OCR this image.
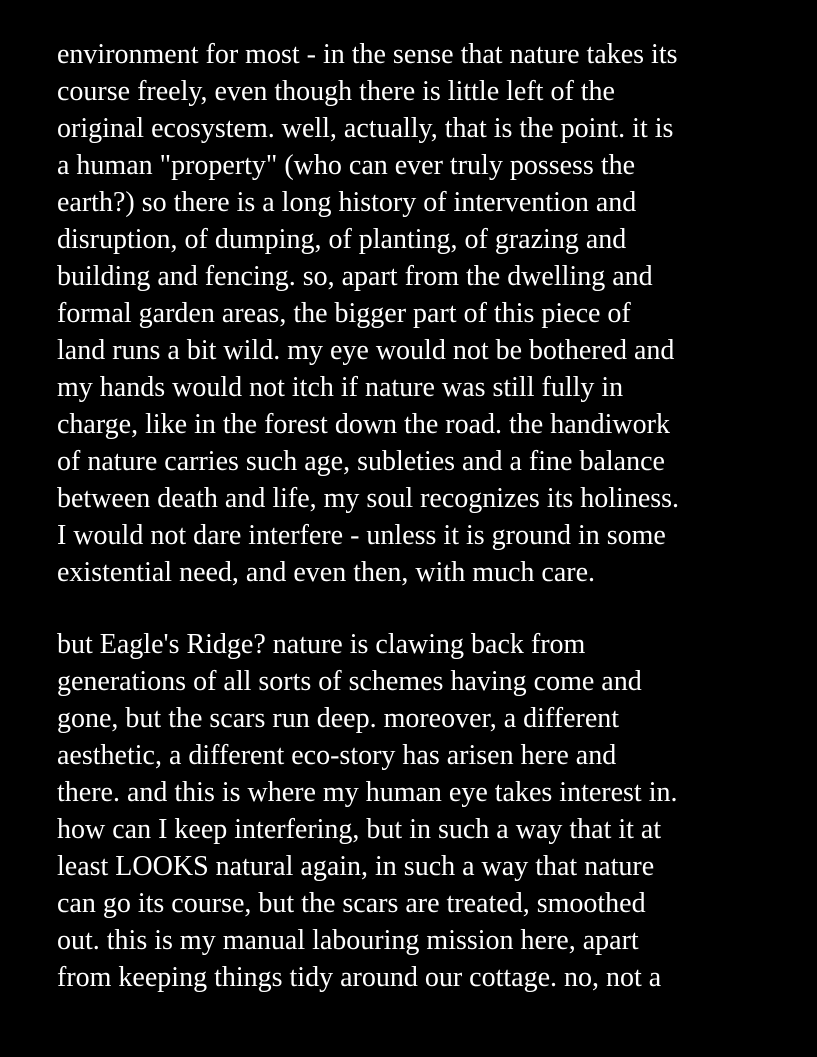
environment for most - in the sense that nature takes its
course freely, even though there is little left of the
original ecosystem. well, actually, that is the point. it is
a human "property" (who can ever truly possess the
earth?) so there is a long history of intervention and
disruption, of dumping, of planting, of grazing and
building and fencing. so, apart from the dwelling and
formal garden areas, the bigger part of this piece of
land runs a bit wild. my eye would not be bothered and
my hands would not itch if nature was still fully in
charge, like in the forest down the road. the handiwork
of nature carries such age, subleties and a fine balance
between death and life, my soul recognizes its holiness.
I would not dare interfere - unless it is ground in some
existential need, and even then, with much care.
but Eagle's Ridge? nature is clawing back from
generations of all sorts of schemes having come and
gone, but the scars run deep. moreover, a different
aesthetic, a different eco-story has arisen here and
there. and this is where my human eye takes interest in.
how can I keep interfering, but in such a way that it at
least LOOKS natural again, in such a way that nature
can go its course, but the scars are treated, smoothed
out. this is my manual labouring mission here, apart
from keeping things tidy around our cottage. no, not a
